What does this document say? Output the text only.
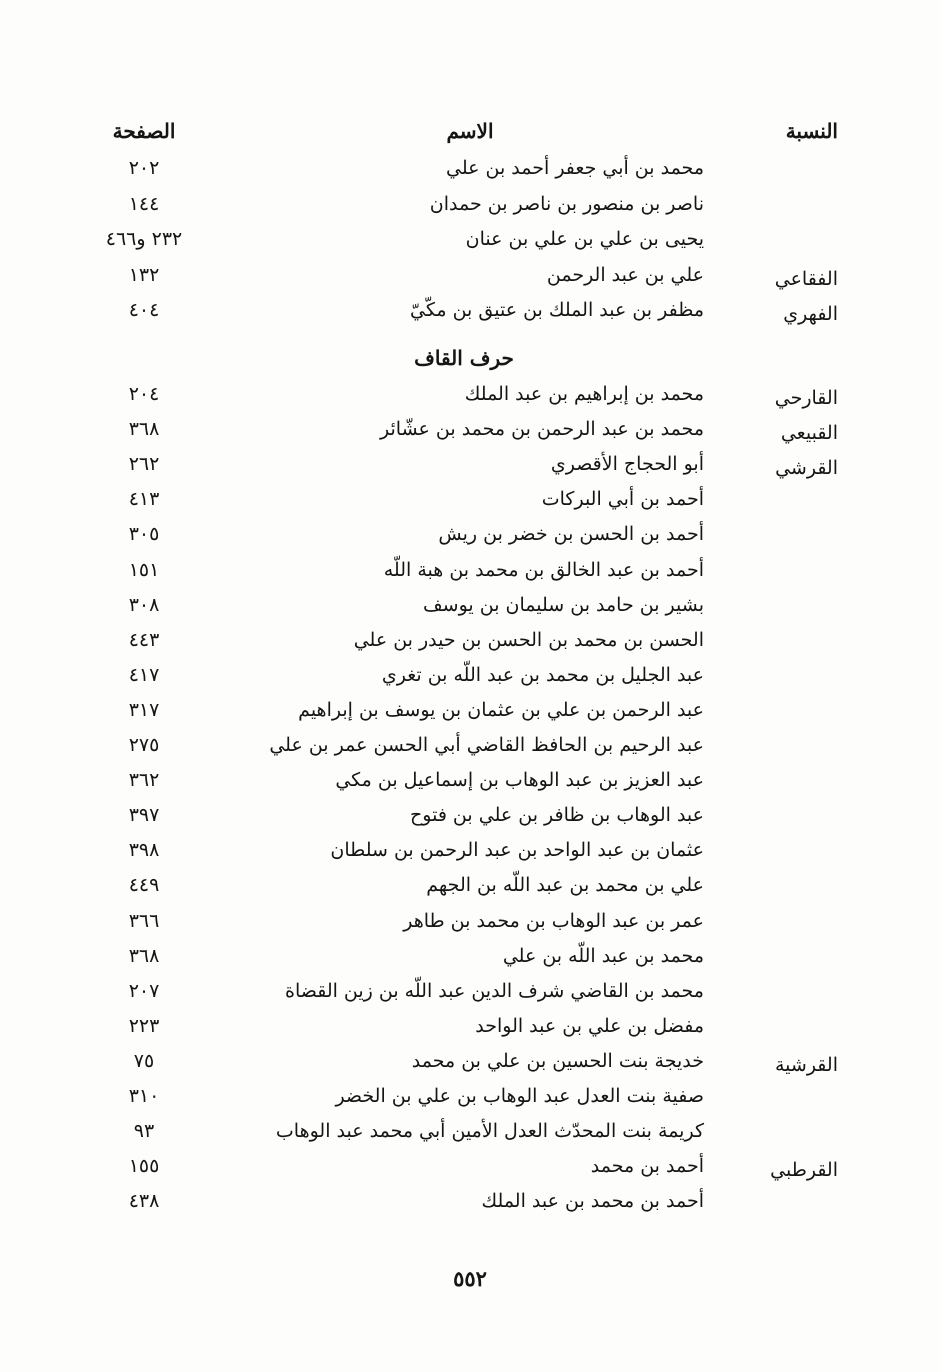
النسبة
الاسم
الصفحة
محمد بن أبي جعفر أحمد بن علي
٢٠٢
ناصر بن منصور بن ناصر بن حمدان
١٤٤
يحيى بن علي بن علي بن عنان
٢٣٢ و٤٦٦
الفقاعي
علي بن عبد الرحمن
١٣٢
الفهري
مظفر بن عبد الملك بن عتيق بن مكّيّ
٤٠٤
حرف القاف
القارحي
محمد بن إبراهيم بن عبد الملك
٢٠٤
القبيعي
محمد بن عبد الرحمن بن محمد بن عشّائر
٣٦٨
القرشي
أبو الحجاج الأقصري
٢٦٢
أحمد بن أبي البركات
٤١٣
أحمد بن الحسن بن خضر بن ريش
٣٠٥
أحمد بن عبد الخالق بن محمد بن هبة اللّه
١٥١
بشير بن حامد بن سليمان بن يوسف
٣٠٨
الحسن بن محمد بن الحسن بن حيدر بن علي
٤٤٣
عبد الجليل بن محمد بن عبد اللّه بن تغري
٤١٧
عبد الرحمن بن علي بن عثمان بن يوسف بن إبراهيم
٣١٧
عبد الرحيم بن الحافظ القاضي أبي الحسن عمر بن علي
٢٧٥
عبد العزيز بن عبد الوهاب بن إسماعيل بن مكي
٣٦٢
عبد الوهاب بن ظافر بن علي بن فتوح
٣٩٧
عثمان بن عبد الواحد بن عبد الرحمن بن سلطان
٣٩٨
علي بن محمد بن عبد اللّه بن الجهم
٤٤٩
عمر بن عبد الوهاب بن محمد بن طاهر
٣٦٦
محمد بن عبد اللّه بن علي
٣٦٨
محمد بن القاضي شرف الدين عبد اللّه بن زين القضاة
٢٠٧
مفضل بن علي بن عبد الواحد
٢٢٣
القرشية
خديجة بنت الحسين بن علي بن محمد
٧٥
صفية بنت العدل عبد الوهاب بن علي بن الخضر
٣١٠
كريمة بنت المحدّث العدل الأمين أبي محمد عبد الوهاب
٩٣
القرطبي
أحمد بن محمد
١٥٥
أحمد بن محمد بن عبد الملك
٤٣٨
٥٥٢
